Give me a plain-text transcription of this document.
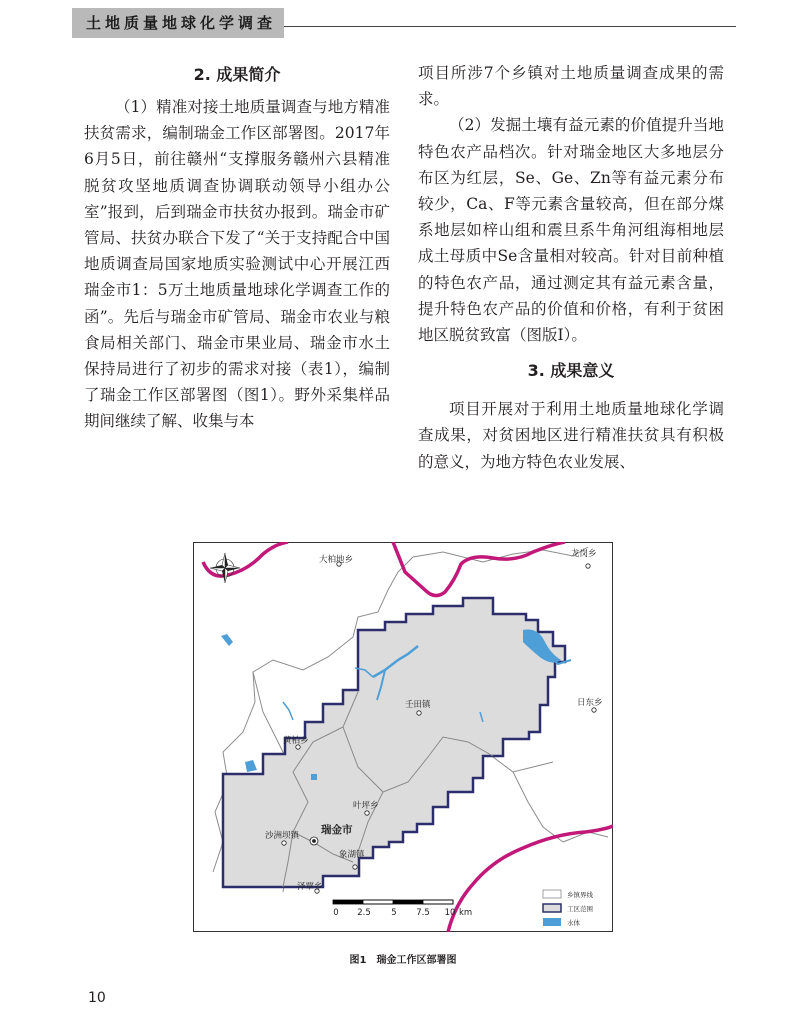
土地质量地球化学调查
2. 成果简介

（1）精准对接土地质量调查与地方精准扶贫需求，编制瑞金工作区部署图。2017年6月5日，前往赣州“支撑服务赣州六县精准脱贫攻坚地质调查协调联动领导小组办公室”报到，后到瑞金市扶贫办报到。瑞金市矿管局、扶贫办联合下发了“关于支持配合中国地质调查局国家地质实验测试中心开展江西瑞金市1：5万土地质量地球化学调查工作的函”。先后与瑞金市矿管局、瑞金市农业与粮食局相关部门、瑞金市果业局、瑞金市水土保持局进行了初步的需求对接（表1），编制了瑞金工作区部署图（图1）。野外采集样品期间继续了解、收集与本

项目所涉7个乡镇对土地质量调查成果的需求。

（2）发掘土壤有益元素的价值提升当地特色农产品档次。针对瑞金地区大多地层分布区为红层，Se、Ge、Zn等有益元素分布较少，Ca、F等元素含量较高，但在部分煤系地层如梓山组和震旦系牛角河组海相地层成土母质中Se含量相对较高。针对目前种植的特色农产品，通过测定其有益元素含量，提升特色农产品的价值和价格，有利于贫困地区脱贫致富（图版Ⅰ）。

3. 成果意义

项目开展对于利用土地质量地球化学调查成果，对贫困地区进行精准扶贫具有积极的意义，为地方特色农业发展、

大柏地乡
龙岗乡
壬田镇	日东乡
黄柏乡
叶坪乡
瑞金市
沙洲坝镇
象湖镇
泽覃乡
0 2.5 5 7.5 10 km
乡镇界线
工区范围
水体
图1　瑞金工作区部署图
10
